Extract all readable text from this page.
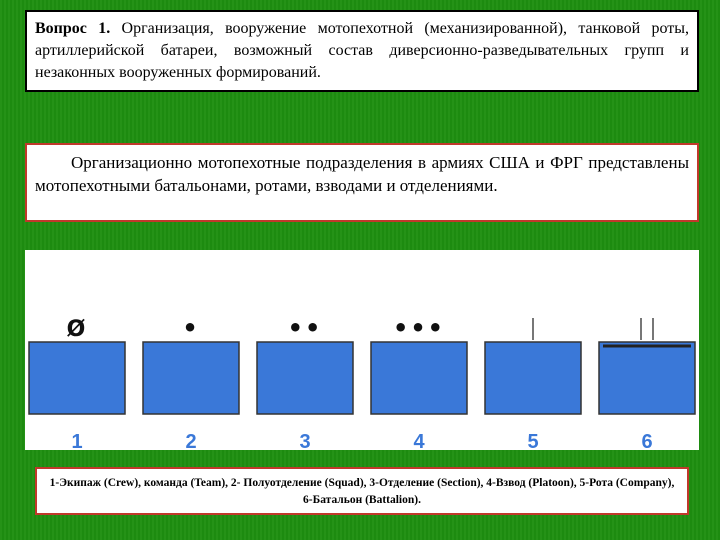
Вопрос 1. Организация, вооружение мотопехотной (механизированной), танковой роты, артиллерийской батареи, возможный состав диверсионно-разведывательных групп и незаконных вооруженных формирований.
Организационно мотопехотные подразделения в армиях США и ФРГ представлены мотопехотными батальонами, ротами, взводами и отделениями.
Номенклатура формирований в армии США
Ø
1
•
2
••
3
•••
4	5	6
1-Экипаж (Crew), команда (Team), 2- Полуотделение (Squad), 3-Отделение (Section), 4-Взвод (Platoon), 5-Рота (Company), 6-Батальон (Battalion).
